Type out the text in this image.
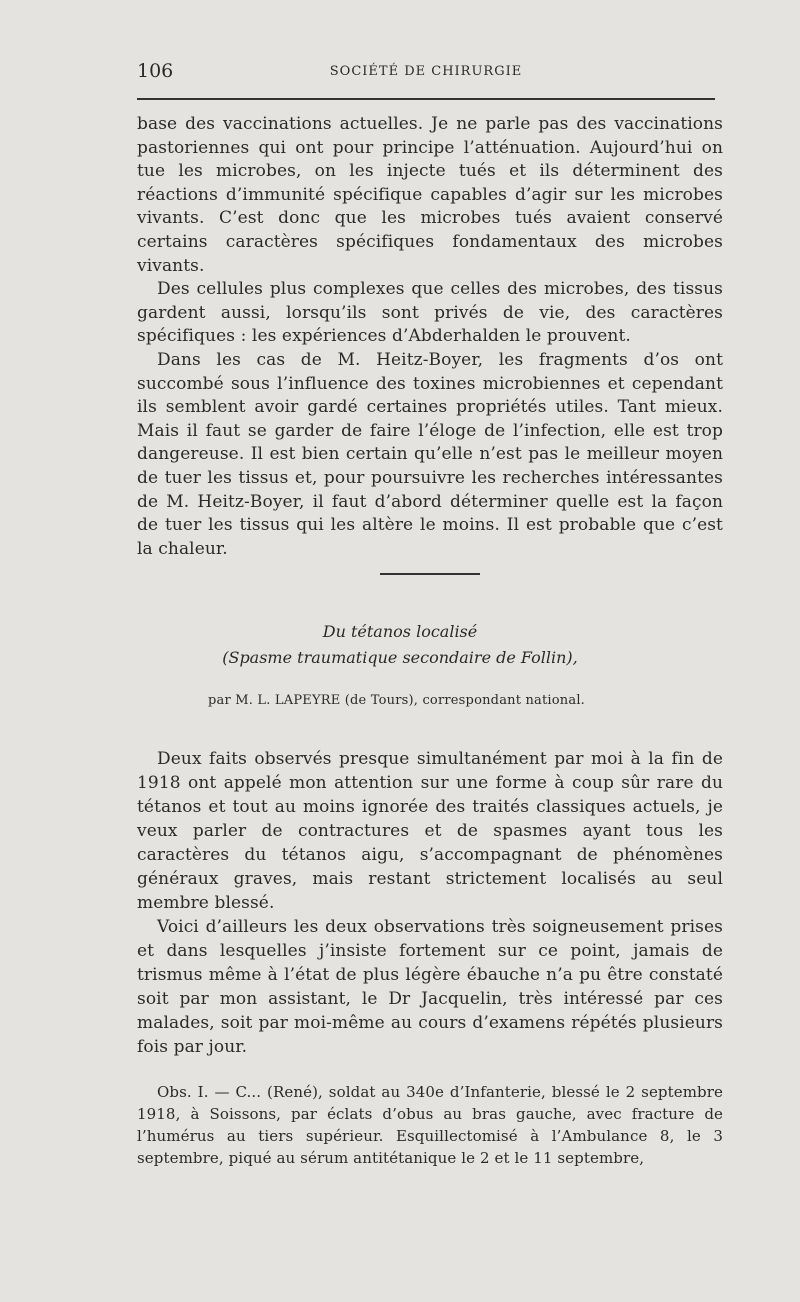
106	SOCIÉTÉ DE CHIRURGIE

base des vaccinations actuelles. Je ne parle pas des vaccinations pastoriennes qui ont pour principe l’atténuation. Aujourd’hui on tue les microbes, on les injecte tués et ils déterminent des réactions d’immunité spécifique capables d’agir sur les microbes vivants. C’est donc que les microbes tués avaient conservé certains caractères spécifiques fondamentaux des microbes vivants.

Des cellules plus complexes que celles des microbes, des tissus gardent aussi, lorsqu’ils sont privés de vie, des caractères spécifiques : les expériences d’Abderhalden le prouvent.

Dans les cas de M. Heitz-Boyer, les fragments d’os ont succombé sous l’influence des toxines microbiennes et cependant ils semblent avoir gardé certaines propriétés utiles. Tant mieux. Mais il faut se garder de faire l’éloge de l’infection, elle est trop dangereuse. Il est bien certain qu’elle n’est pas le meilleur moyen de tuer les tissus et, pour poursuivre les recherches intéressantes de M. Heitz-Boyer, il faut d’abord déterminer quelle est la façon de tuer les tissus qui les altère le moins. Il est probable que c’est la chaleur.

Du tétanos localisé
(Spasme traumatique secondaire de Follin),
par M. L. LAPEYRE (de Tours), correspondant national.

Deux faits observés presque simultanément par moi à la fin de 1918 ont appelé mon attention sur une forme à coup sûr rare du tétanos et tout au moins ignorée des traités classiques actuels, je veux parler de contractures et de spasmes ayant tous les caractères du tétanos aigu, s’accompagnant de phénomènes généraux graves, mais restant strictement localisés au seul membre blessé.

Voici d’ailleurs les deux observations très soigneusement prises et dans lesquelles j’insiste fortement sur ce point, jamais de trismus même à l’état de plus légère ébauche n’a pu être constaté soit par mon assistant, le Dr Jacquelin, très intéressé par ces malades, soit par moi-même au cours d’examens répétés plusieurs fois par jour.

Obs. I. — C... (René), soldat au 340e d’Infanterie, blessé le 2 septembre 1918, à Soissons, par éclats d’obus au bras gauche, avec fracture de l’humérus au tiers supérieur. Esquillectomisé à l’Ambulance 8, le 3 septembre, piqué au sérum antitétanique le 2 et le 11 septembre,
